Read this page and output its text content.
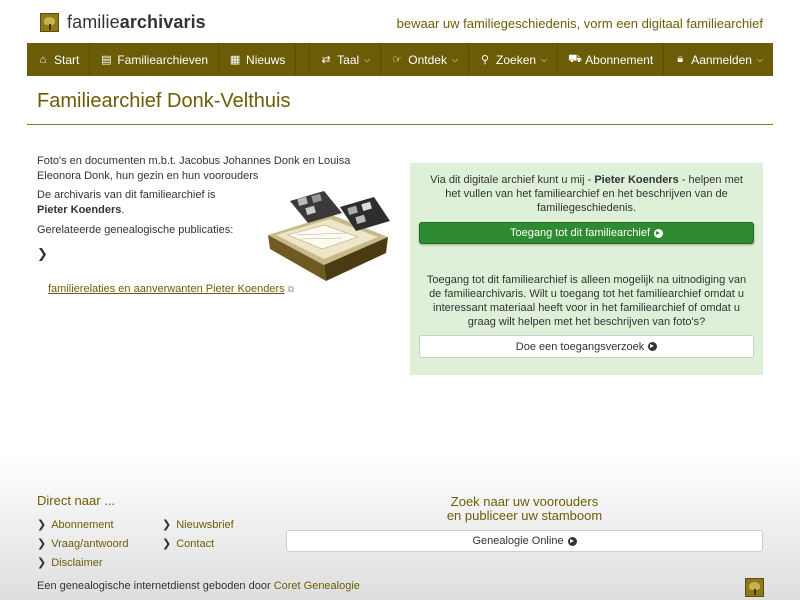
familiearchivaris	bewaar uw familiegeschiedenis, vorm een digitaal familiearchief
⌂ Start ▤ Familiearchieven ▦ Nieuws	⇄ Taal ⌵ ☞ Ontdek ⌵ ⚲ Zoeken ⌵ ⛟ Abonnement 🔒︎ Aanmelden ⌵
Familiearchief Donk-Velthuis

Foto's en documenten m.b.t. Jacobus Johannes Donk en Louisa Eleonora Donk, hun gezin en hun voorouders

De archivaris van dit familiearchief is Pieter Koenders.

Gerelateerde genealogische publicaties:

❯
familierelaties en aanverwanten Pieter Koenders ⧉

Via dit digitale archief kunt u mij - Pieter Koenders - helpen met het vullen van het familiearchief en het beschrijven van de familiegeschiedenis.

Toegang tot dit familiearchief

Toegang tot dit familiearchief is alleen mogelijk na uitnodiging van de familiearchivaris. Wilt u toegang tot het familiearchief omdat u interessant materiaal heeft voor in het familiearchief of omdat u graag wilt helpen met het beschrijven van foto's?

Doe een toegangsverzoek
Direct naar ...
❯ Abonnement
❯ Vraag/antwoord
❯ Disclaimer
❯ Nieuwsbrief
❯ Contact
Zoek naar uw voorouders
en publiceer uw stamboom
Genealogie Online

Een genealogische internetdienst geboden door Coret Genealogie
